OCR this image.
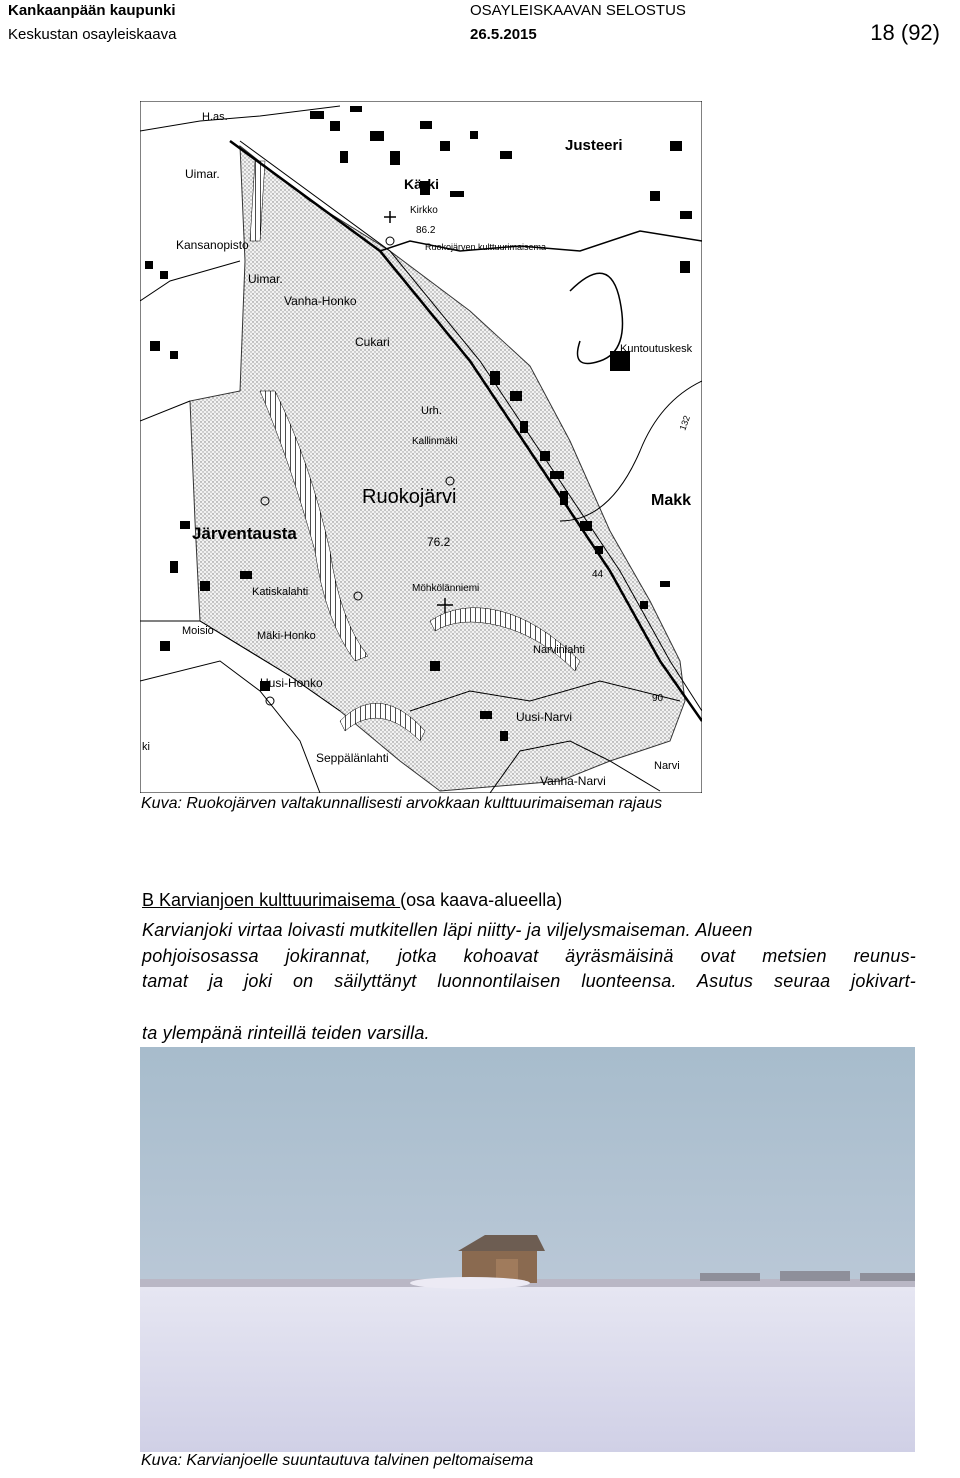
Kankaanpään kaupunki	OSAYLEISKAAVAN SELOSTUS
Keskustan osayleiskaava	26.5.2015	18 (92)
H.as.
Uimar.
Kansanopisto
Uimar.
Vanha-Honko
Cukari
Kärki
Kirkko
86.2
Ruokojärven kulttuurimaisema
Justeeri
Kuntoutuskesk
Urh.
Kallinmäki
Ruokojärvi
76.2
Järventausta
Katiskalahti	Möhkölänniemi
Moisio	Mäki-Honko
Narvinlahti
Uusi-Honko
Uusi-Narvi
Seppälänlahti
Vanha-Narvi
Narvi
Makk
ki
132
44
90
Kuva: Ruokojärven valtakunnallisesti arvokkaan kulttuurimaiseman rajaus
B Karvianjoen kulttuurimaisema (osa kaava-alueella)
Karvianjoki virtaa loivasti mutkitellen läpi niitty- ja viljelysmaiseman. Alueen
pohjoisosassa jokirannat, jotka kohoavat äyräsmäisinä ovat metsien reunus-
tamat ja joki on säilyttänyt luonnontilaisen luonteensa. Asutus seuraa jokivart-
ta ylempänä rinteillä teiden varsilla.
Kuva: Karvianjoelle suuntautuva talvinen peltomaisema
